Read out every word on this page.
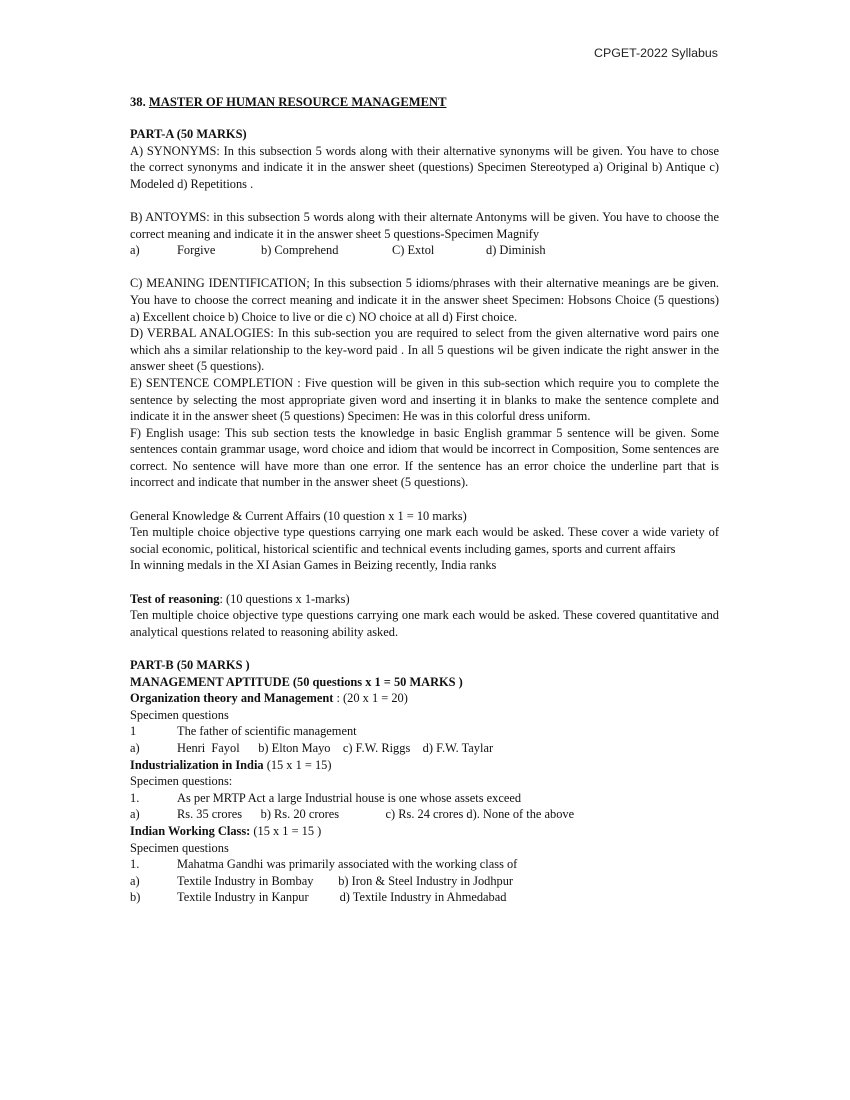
CPGET-2022 Syllabus
38. MASTER OF HUMAN RESOURCE MANAGEMENT

PART-A (50 MARKS)

A) SYNONYMS: In this subsection 5 words along with their alternative synonyms will be given. You have to chose the correct synonyms and indicate it in the answer sheet (questions) Specimen Stereotyped a) Original b) Antique c) Modeled d) Repetitions .

B) ANTOYMS: in this subsection 5 words along with their alternate Antonyms will be given. You have to choose the correct meaning and indicate it in the answer sheet 5 questions-Specimen Magnify

a)	Forgive	b) Comprehend	C) Extol	d) Diminish

C) MEANING IDENTIFICATION; In this subsection 5 idioms/phrases with their alternative meanings are be given. You have to choose the correct meaning and indicate it in the answer sheet Specimen: Hobsons Choice (5 questions) a) Excellent choice b) Choice to live or die c) NO choice at all d) First choice.

D) VERBAL ANALOGIES: In this sub-section you are required to select from the given alternative word pairs one which ahs a similar relationship to the key-word paid . In all 5 questions wil be given indicate the right answer in the answer sheet (5 questions).

E) SENTENCE COMPLETION : Five question will be given in this sub-section which require you to complete the sentence by selecting the most appropriate given word and inserting it in blanks to make the sentence complete and indicate it in the answer sheet (5 questions) Specimen: He was in this colorful dress uniform.

F) English usage: This sub section tests the knowledge in basic English grammar 5 sentence will be given. Some sentences contain grammar usage, word choice and idiom that would be incorrect in Composition, Some sentences are correct. No sentence will have more than one error. If the sentence has an error choice the underline part that is incorrect and indicate that number in the answer sheet (5 questions).

General Knowledge & Current Affairs (10 question x 1 = 10 marks)

Ten multiple choice objective type questions carrying one mark each would be asked. These cover a wide variety of social economic, political, historical scientific and technical events including games, sports and current affairs

In winning medals in the XI Asian Games in Beizing recently, India ranks

Test of reasoning: (10 questions x 1-marks)

Ten multiple choice objective type questions carrying one mark each would be asked. These covered quantitative and analytical questions related to reasoning ability asked.

PART-B (50 MARKS )

MANAGEMENT APTITUDE (50 questions x 1 = 50 MARKS )

Organization theory and Management : (20 x 1 = 20)

Specimen questions

1	The father of scientific management
a)	Henri  Fayol      b) Elton Mayo    c) F.W. Riggs    d) F.W. Taylar

Industrialization in India (15 x 1 = 15)

Specimen questions:

1.	As per MRTP Act a large Industrial house is one whose assets exceed
a)	Rs. 35 crores      b) Rs. 20 crores               c) Rs. 24 crores d). None of the above

Indian Working Class: (15 x 1 = 15 )

Specimen questions

1.	Mahatma Gandhi was primarily associated with the working class of
a)	Textile Industry in Bombay        b) Iron & Steel Industry in Jodhpur
b)	Textile Industry in Kanpur          d) Textile Industry in Ahmedabad
